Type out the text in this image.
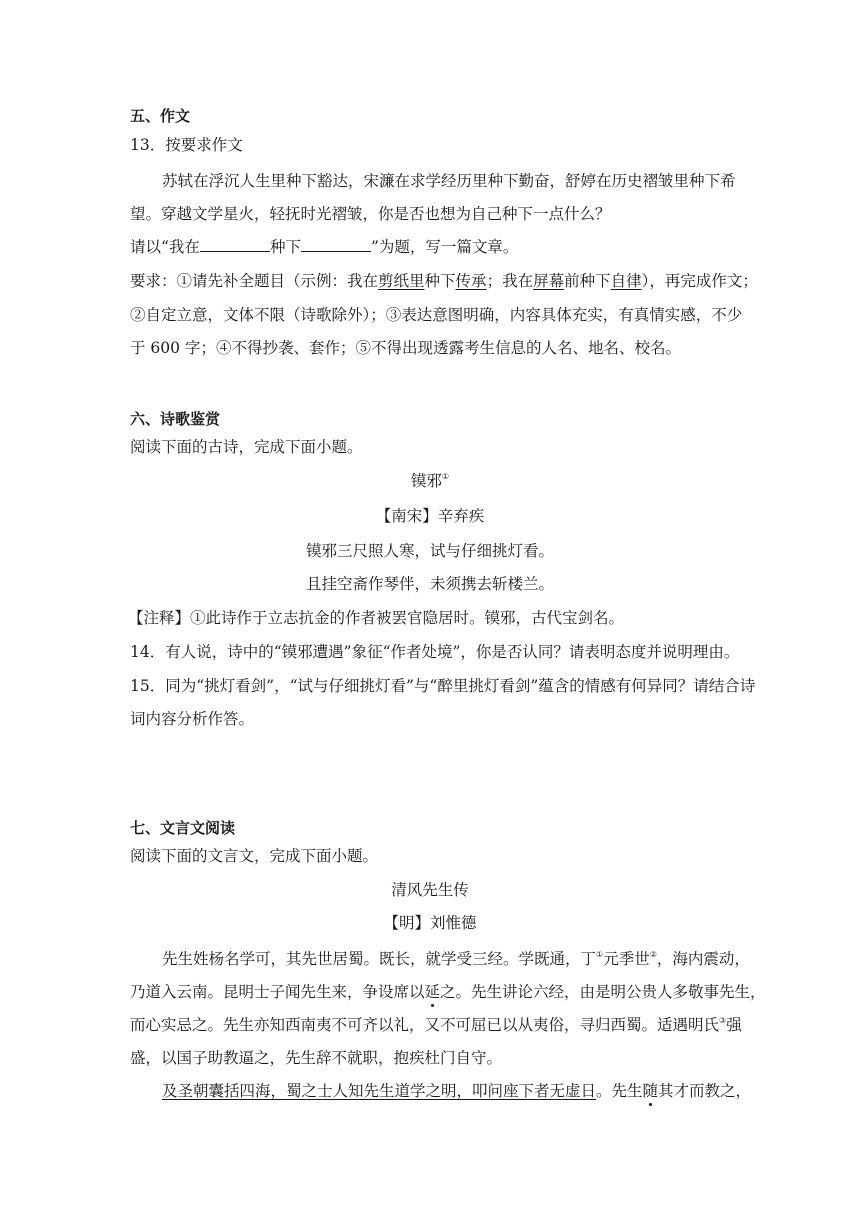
五、作文
13．按要求作文
苏轼在浮沉人生里种下豁达，宋濂在求学经历里种下勤奋，舒婷在历史褶皱里种下希
望。穿越文学星火，轻抚时光褶皱，你是否也想为自己种下一点什么？
请以“我在	种下	”为题，写一篇文章。
要求：①请先补全题目（示例：我在剪纸里种下传承；我在屏幕前种下自律），再完成作文；
②自定立意，文体不限（诗歌除外）；③表达意图明确，内容具体充实，有真情实感，不少
于 600 字；④不得抄袭、套作；⑤不得出现透露考生信息的人名、地名、校名。
六、诗歌鉴赏
阅读下面的古诗，完成下面小题。
镆邪①
【南宋】辛弃疾
镆邪三尺照人寒，试与仔细挑灯看。
且挂空斋作琴伴，未须携去斩楼兰。
【注释】①此诗作于立志抗金的作者被罢官隐居时。镆邪，古代宝剑名。
14．有人说，诗中的“镆邪遭遇”象征“作者处境”，你是否认同？请表明态度并说明理由。
15．同为“挑灯看剑”，“试与仔细挑灯看”与“醉里挑灯看剑”蕴含的情感有何异同？请结合诗
词内容分析作答。
七、文言文阅读
阅读下面的文言文，完成下面小题。
清风先生传
【明】刘惟德
先生姓杨名学可，其先世居蜀。既长，就学受三经。学既通，丁①元季世②，海内震动，
乃道入云南。昆明士子闻先生来，争设席以延之。先生讲论六经，由是明公贵人多敬事先生，
而心实忌之。先生亦知西南夷不可齐以礼，又不可屈已以从夷俗，寻归西蜀。适遇明氏③强
盛，以国子助教逼之，先生辞不就职，抱疾杜门自守。
及圣朝囊括四海，蜀之士人知先生道学之明，叩问座下者无虚日。先生随其才而教之，
